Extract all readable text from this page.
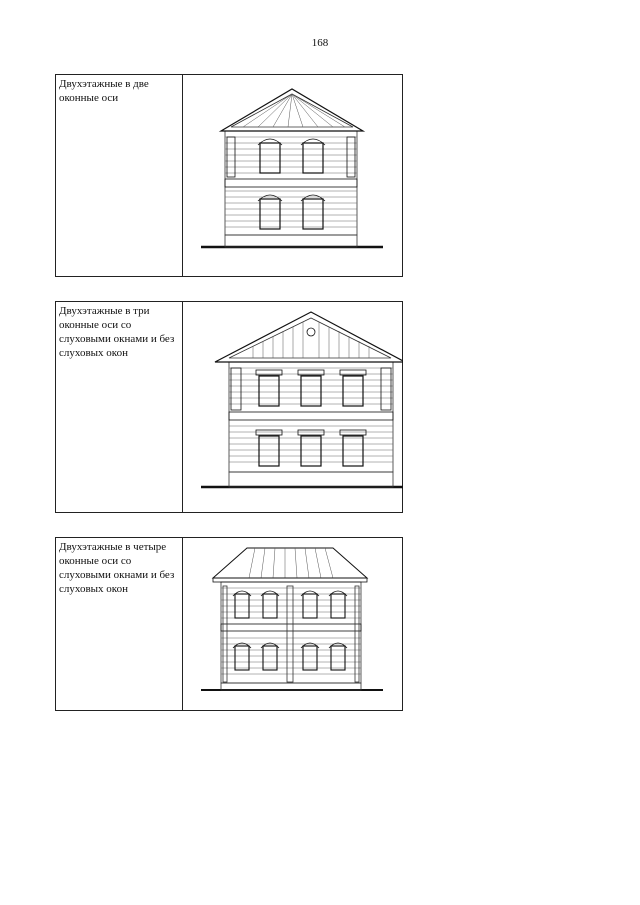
168
Двухэтажные в две оконные оси
Двухэтажные в три оконные оси со слуховыми окнами и без слуховых окон
Двухэтажные в четыре оконные оси со слуховыми окнами и без слуховых окон
